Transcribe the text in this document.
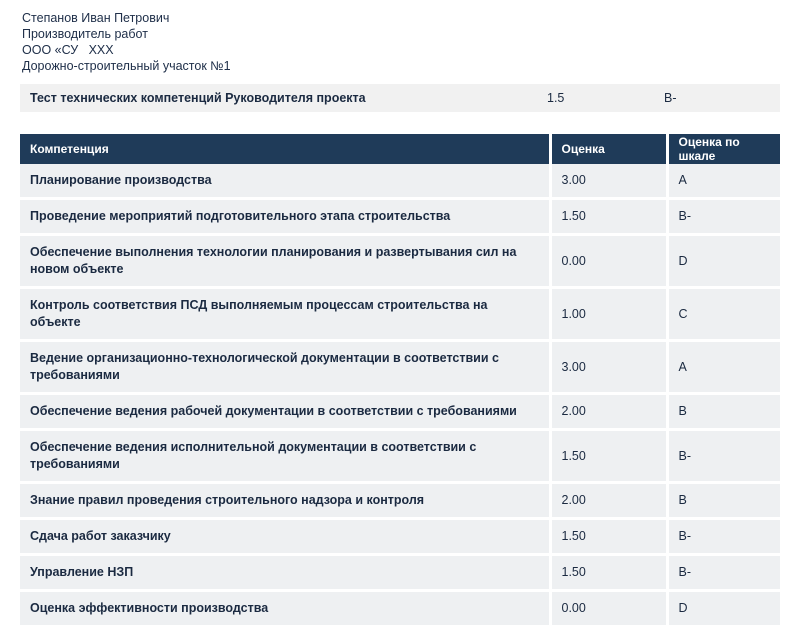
Степанов Иван Петрович
Производитель работ
ООО «СУ   ХХХ
Дорожно-строительный участок №1
Тест технических компетенций Руководителя проекта	1.5	B-
Компетенция	Оценка	Оценка по шкале
Планирование производства	3.00	A
Проведение мероприятий подготовительного этапа строительства	1.50	B-
Обеспечение выполнения технологии планирования и развертывания сил на новом объекте	0.00	D
Контроль соответствия ПСД выполняемым процессам строительства на объекте	1.00	C
Ведение организационно-технологической документации в соответствии с требованиями	3.00	A
Обеспечение ведения рабочей документации в соответствии с требованиями	2.00	B
Обеспечение ведения исполнительной документации в соответствии с требованиями	1.50	B-
Знание правил проведения строительного надзора и контроля	2.00	B
Сдача работ заказчику	1.50	B-
Управление НЗП	1.50	B-
Оценка эффективности производства	0.00	D
